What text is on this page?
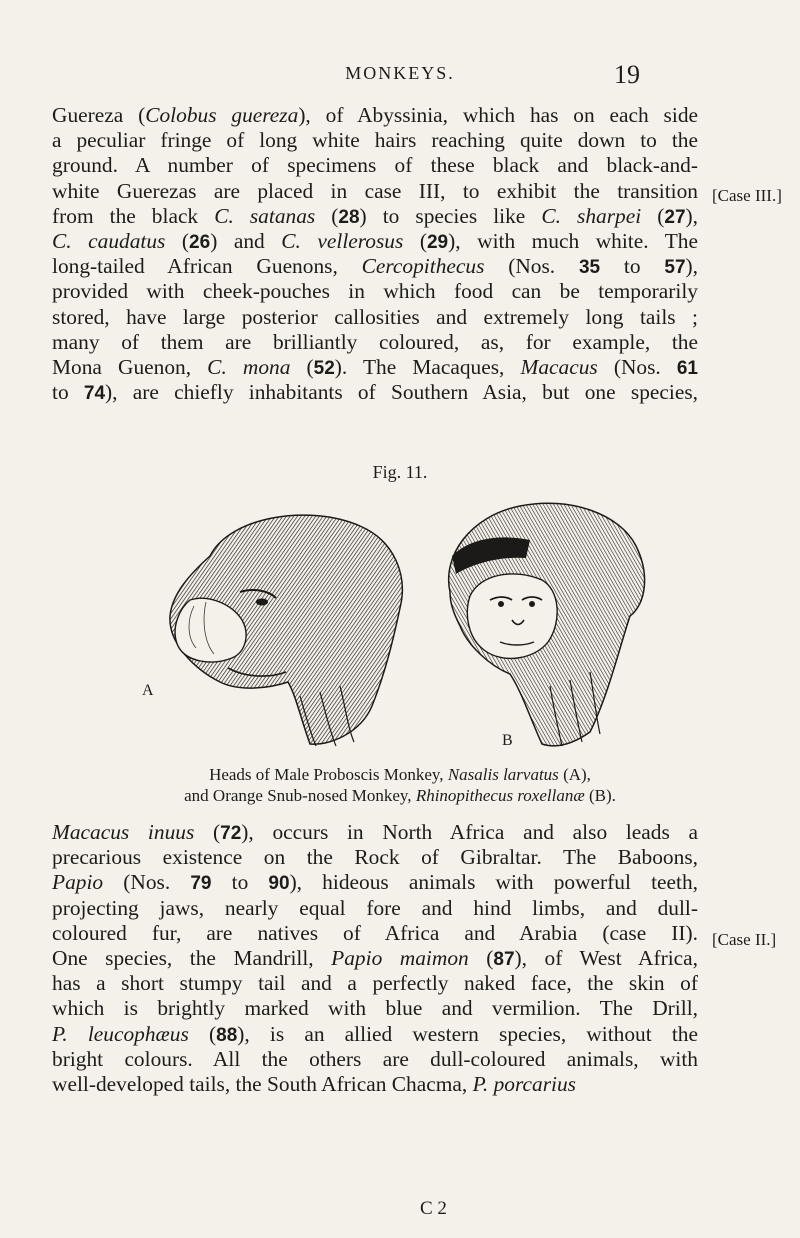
MONKEYS.	19

Guereza (Colobus guereza), of Abyssinia, which has on each side
a peculiar fringe of long white hairs reaching quite down to the
ground. A number of specimens of these black and black-and-
white Guerezas are placed in case III, to exhibit the transition
from the black C. satanas (28) to species like C. sharpei (27),
C. caudatus (26) and C. vellerosus (29), with much white. The
long-tailed African Guenons, Cercopithecus (Nos. 35 to 57),
provided with cheek-pouches in which food can be temporarily
stored, have large posterior callosities and extremely long tails ;
many of them are brilliantly coloured, as, for example, the
Mona Guenon, C. mona (52). The Macaques, Macacus (Nos. 61
to 74), are chiefly inhabitants of Southern Asia, but one species,

[Case III.]
Fig. 11.
A
B
Heads of Male Proboscis Monkey, Nasalis larvatus (A),
and Orange Snub-nosed Monkey, Rhinopithecus roxellanæ (B).

Macacus inuus (72), occurs in North Africa and also leads a
precarious existence on the Rock of Gibraltar. The Baboons,
Papio (Nos. 79 to 90), hideous animals with powerful teeth,
projecting jaws, nearly equal fore and hind limbs, and dull-
coloured fur, are natives of Africa and Arabia (case II).
One species, the Mandrill, Papio maimon (87), of West Africa,
has a short stumpy tail and a perfectly naked face, the skin of
which is brightly marked with blue and vermilion. The Drill,
P. leucophæus (88), is an allied western species, without the
bright colours. All the others are dull-coloured animals, with
well-developed tails, the South African Chacma, P. porcarius

[Case II.]
C 2
